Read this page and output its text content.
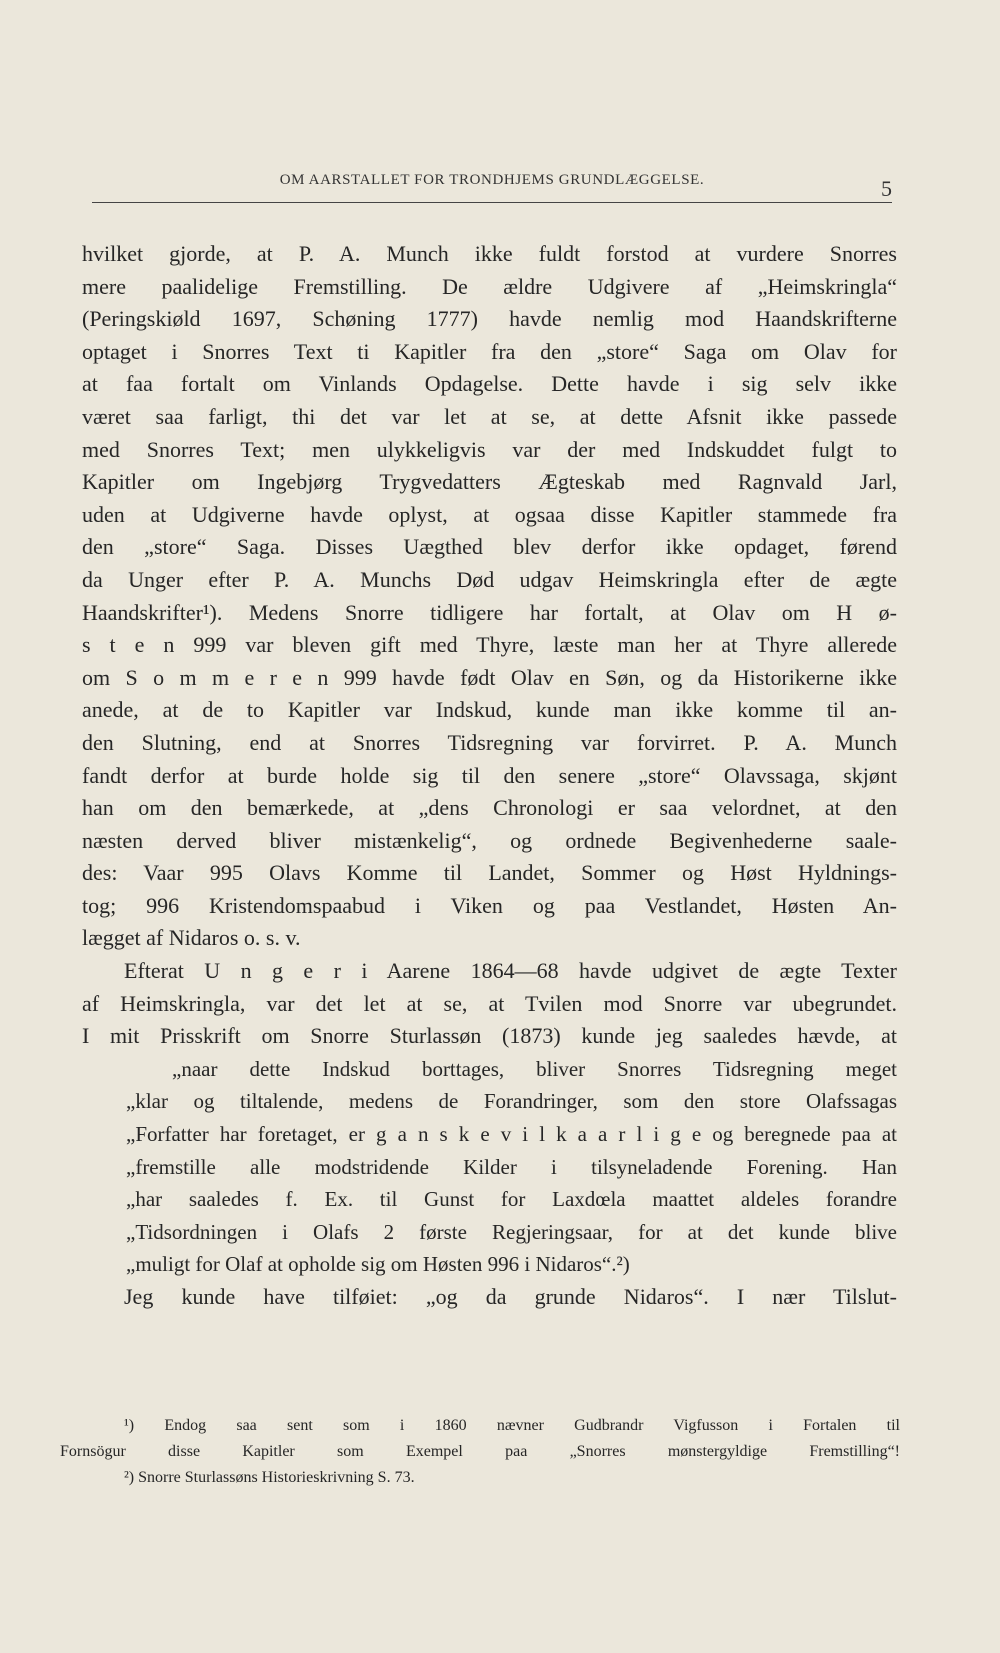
OM AARSTALLET FOR TRONDHJEMS GRUNDLÆGGELSE.	5
hvilket gjorde, at P. A. Munch ikke fuldt forstod at vurdere Snorres
mere paalidelige Fremstilling. De ældre Udgivere af „Heimskringla“
(Peringskiøld 1697, Schøning 1777) havde nemlig mod Haandskrifterne
optaget i Snorres Text ti Kapitler fra den „store“ Saga om Olav for
at faa fortalt om Vinlands Opdagelse. Dette havde i sig selv ikke
været saa farligt, thi det var let at se, at dette Afsnit ikke passede
med Snorres Text; men ulykkeligvis var der med Indskuddet fulgt to
Kapitler om Ingebjørg Trygvedatters Ægteskab med Ragnvald Jarl,
uden at Udgiverne havde oplyst, at ogsaa disse Kapitler stammede fra
den „store“ Saga. Disses Uægthed blev derfor ikke opdaget, førend
da Unger efter P. A. Munchs Død udgav Heimskringla efter de ægte
Haandskrifter¹). Medens Snorre tidligere har fortalt, at Olav om H ø-
s t e n 999 var bleven gift med Thyre, læste man her at Thyre allerede
om S o m m e r e n 999 havde født Olav en Søn, og da Historikerne ikke
anede, at de to Kapitler var Indskud, kunde man ikke komme til an-
den Slutning, end at Snorres Tidsregning var forvirret. P. A. Munch
fandt derfor at burde holde sig til den senere „store“ Olavssaga, skjønt
han om den bemærkede, at „dens Chronologi er saa velordnet, at den
næsten derved bliver mistænkelig“, og ordnede Begivenhederne saale-
des: Vaar 995 Olavs Komme til Landet, Sommer og Høst Hyldnings-
tog; 996 Kristendomspaabud i Viken og paa Vestlandet, Høsten An-
lægget af Nidaros o. s. v.
Efterat U n g e r i Aarene 1864—68 havde udgivet de ægte Texter
af Heimskringla, var det let at se, at Tvilen mod Snorre var ubegrundet.
I mit Prisskrift om Snorre Sturlassøn (1873) kunde jeg saaledes hævde, at
„naar dette Indskud borttages, bliver Snorres Tidsregning meget
„klar og tiltalende, medens de Forandringer, som den store Olafssagas
„Forfatter har foretaget, er g a n s k e v i l k a a r l i g e og beregnede paa at
„fremstille alle modstridende Kilder i tilsyneladende Forening. Han
„har saaledes f. Ex. til Gunst for Laxdœla maattet aldeles forandre
„Tidsordningen i Olafs 2 første Regjeringsaar, for at det kunde blive
„muligt for Olaf at opholde sig om Høsten 996 i Nidaros“.²)
Jeg kunde have tilføiet: „og da grunde Nidaros“. I nær Tilslut-
¹) Endog saa sent som i 1860 nævner Gudbrandr Vigfusson i Fortalen til
Fornsögur disse Kapitler som Exempel paa „Snorres mønstergyldige Fremstilling“!
²) Snorre Sturlassøns Historieskrivning S. 73.
